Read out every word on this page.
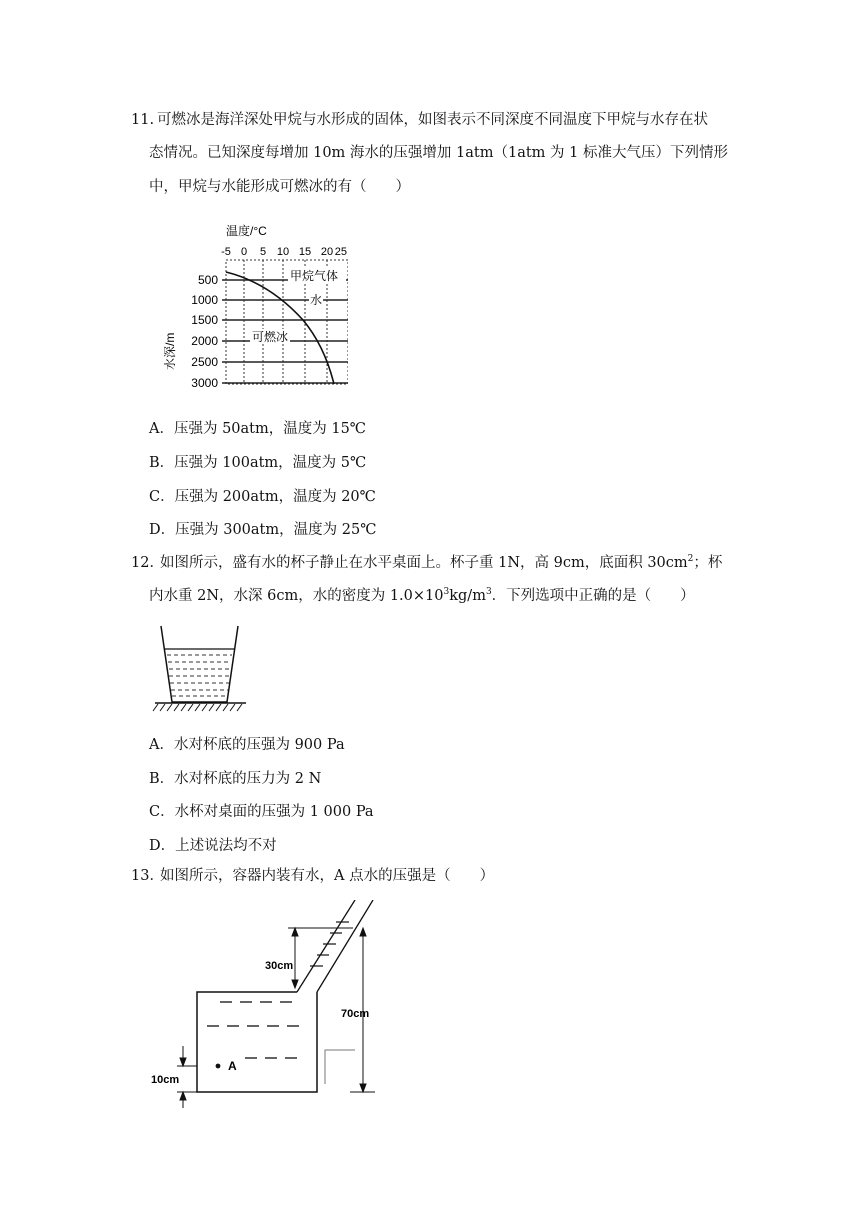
11. 可燃冰是海洋深处甲烷与水形成的固体，如图表示不同深度不同温度下甲烷与水存在状
态情况。已知深度每增加 10m 海水的压强增加 1atm（1atm 为 1 标准大气压）下列情形
中，甲烷与水能形成可燃冰的有（　　）
温度/°C
-5 0 5 10 15 20 25
500
1000
1500
2000
2500
3000
水深/m
甲烷气体
水
可燃冰
A．压强为 50atm，温度为 15℃
B．压强为 100atm，温度为 5℃
C．压强为 200atm，温度为 20℃
D．压强为 300atm，温度为 25℃
12．
如图所示，盛有水的杯子静止在水平桌面上。杯子重 1N，高 9cm，底面积 $30cm^2$；杯
内水重 2N，水深 6cm，水的密度为 $1.0\times 10^3kg/m^3$．下列选项中正确的是（　　）
A．水对杯底的压强为 900 Pa
B．水对杯底的压力为 2 N
C．水杯对桌面的压强为 1 000 Pa
D．上述说法均不对
13．
如图所示，容器内装有水，A 点水的压强是（　　）
A
30cm
70cm
10cm
